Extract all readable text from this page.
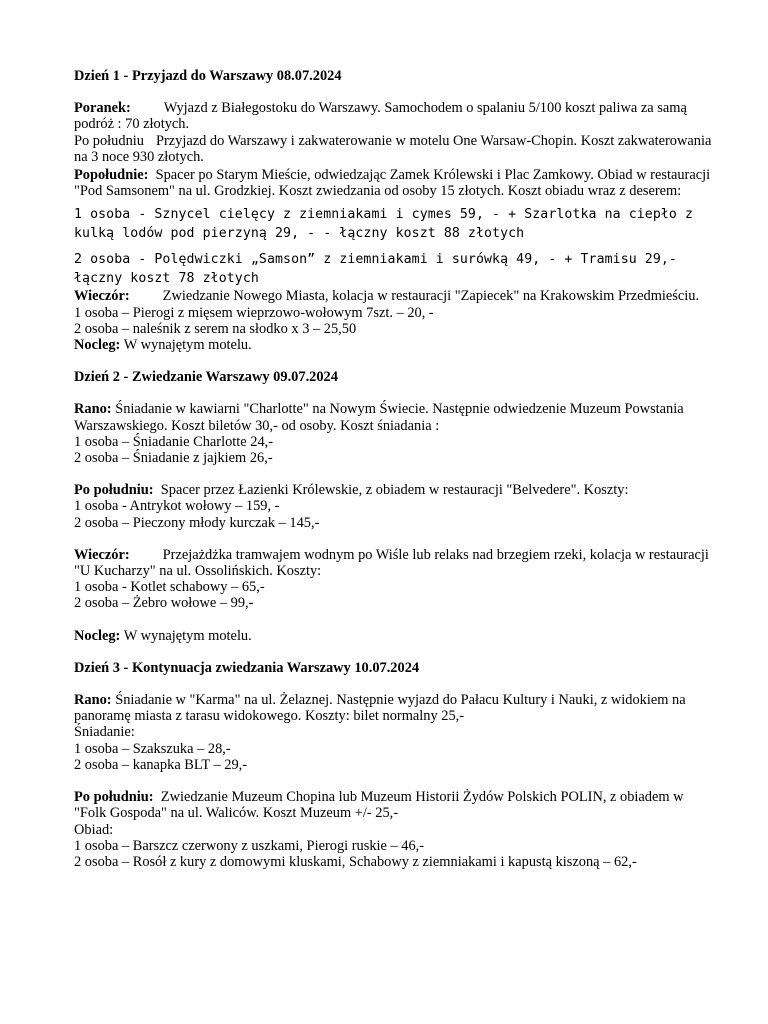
Dzień 1 - Przyjazd do Warszawy 08.07.2024

Poranek: Wyjazd z Białegostoku do Warszawy. Samochodem o spalaniu 5/100 koszt paliwa za samą podróż : 70 złotych.

Po południu Przyjazd do Warszawy i zakwaterowanie w motelu One Warsaw-Chopin. Koszt zakwaterowania na 3 noce 930 złotych.

Popołudnie: Spacer po Starym Mieście, odwiedzając Zamek Królewski i Plac Zamkowy. Obiad w restauracji "Pod Samsonem" na ul. Grodzkiej. Koszt zwiedzania od osoby 15 złotych. Koszt obiadu wraz z deserem:

1 osoba - Sznycel cielęcy z ziemniakami i cymes 59, - + Szarlotka na ciepło z kulką lodów pod pierzyną 29, - - łączny koszt 88 złotych

2 osoba - Polędwiczki „Samson” z ziemniakami i surówką 49, - + Tramisu 29,- łączny koszt 78 złotych

Wieczór: Zwiedzanie Nowego Miasta, kolacja w restauracji "Zapiecek" na Krakowskim Przedmieściu.

1 osoba – Pierogi z mięsem wieprzowo-wołowym 7szt. – 20, -

2 osoba – naleśnik z serem na słodko x 3 – 25,50

Nocleg: W wynajętym motelu.

Dzień 2 - Zwiedzanie Warszawy 09.07.2024

Rano: Śniadanie w kawiarni "Charlotte" na Nowym Świecie. Następnie odwiedzenie Muzeum Powstania Warszawskiego. Koszt biletów 30,- od osoby. Koszt śniadania :

1 osoba – Śniadanie Charlotte 24,-

2 osoba – Śniadanie z jajkiem 26,-

Po południu: Spacer przez Łazienki Królewskie, z obiadem w restauracji "Belvedere". Koszty:

1 osoba - Antrykot wołowy – 159, -

2 osoba – Pieczony młody kurczak – 145,-

Wieczór: Przejażdżka tramwajem wodnym po Wiśle lub relaks nad brzegiem rzeki, kolacja w restauracji "U Kucharzy" na ul. Ossolińskich. Koszty:

1 osoba - Kotlet schabowy – 65,-

2 osoba – Żebro wołowe – 99,-

Nocleg: W wynajętym motelu.

Dzień 3 - Kontynuacja zwiedzania Warszawy 10.07.2024

Rano: Śniadanie w "Karma" na ul. Żelaznej. Następnie wyjazd do Pałacu Kultury i Nauki, z widokiem na panoramę miasta z tarasu widokowego. Koszty: bilet normalny 25,-

Śniadanie:

1 osoba – Szakszuka – 28,-

2 osoba – kanapka BLT – 29,-

Po południu: Zwiedzanie Muzeum Chopina lub Muzeum Historii Żydów Polskich POLIN, z obiadem w "Folk Gospoda" na ul. Waliców. Koszt Muzeum +/- 25,-

Obiad:

1 osoba – Barszcz czerwony z uszkami, Pierogi ruskie – 46,-

2 osoba – Rosół z kury z domowymi kluskami, Schabowy z ziemniakami i kapustą kiszoną – 62,-
